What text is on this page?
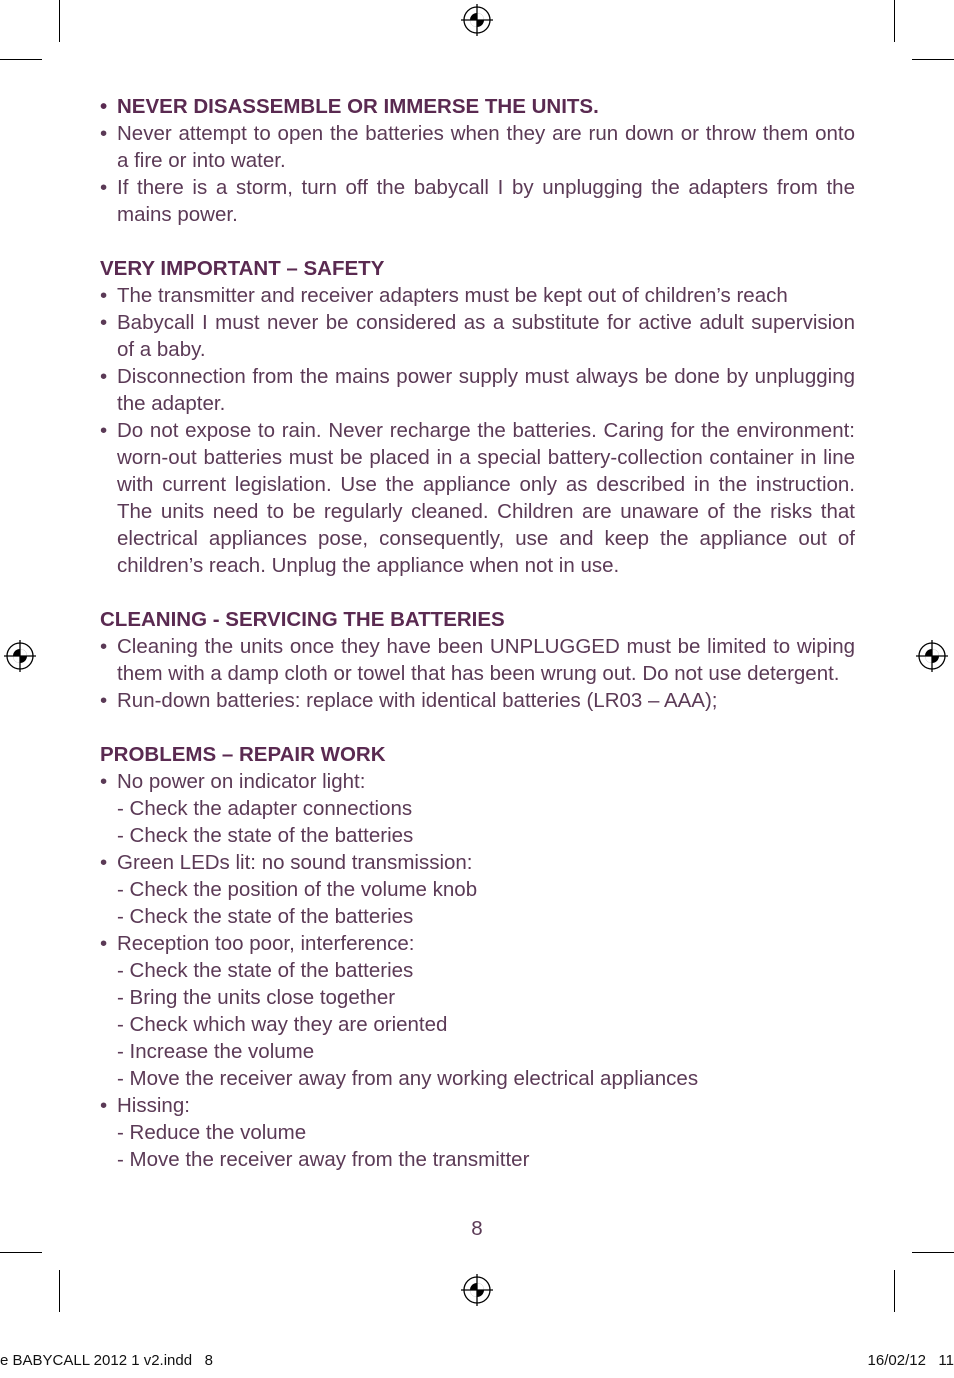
• NEVER DISASSEMBLE OR IMMERSE THE UNITS.
• Never attempt to open the batteries when they are run down or throw them onto a fire or into water.
• If there is a storm, turn off the babycall I by unplugging the adapters from the mains power.

VERY IMPORTANT – SAFETY

• The transmitter and receiver adapters must be kept out of children’s reach
• Babycall I must never be considered as a substitute for active adult supervision of a baby.
• Disconnection from the mains power supply must always be done by unplugging the adapter.
• Do not expose to rain. Never recharge the batteries. Caring for the environment: worn-out batteries must be placed in a special battery-collection container in line with current legislation. Use the appliance only as described in the instruction. The units need to be regularly cleaned. Children are unaware of the risks that electrical appliances pose, consequently, use and keep the appliance out of children’s reach. Unplug the appliance when not in use.

CLEANING - SERVICING THE BATTERIES

• Cleaning the units once they have been UNPLUGGED must be limited to wiping them with a damp cloth or towel that has been wrung out. Do not use detergent.
• Run-down batteries: replace with identical batteries (LR03 – AAA);

PROBLEMS – REPAIR WORK

• No power on indicator light:
- Check the adapter connections
- Check the state of the batteries
• Green LEDs lit: no sound transmission:
- Check the position of the volume knob
- Check the state of the batteries
• Reception too poor, interference:
- Check the state of the batteries
- Bring the units close together
- Check which way they are oriented
- Increase the volume
- Move the receiver away from any working electrical appliances
• Hissing:
- Reduce the volume
- Move the receiver away from the transmitter
8
e BABYCALL 2012 1 v2.indd   8	16/02/12   11
